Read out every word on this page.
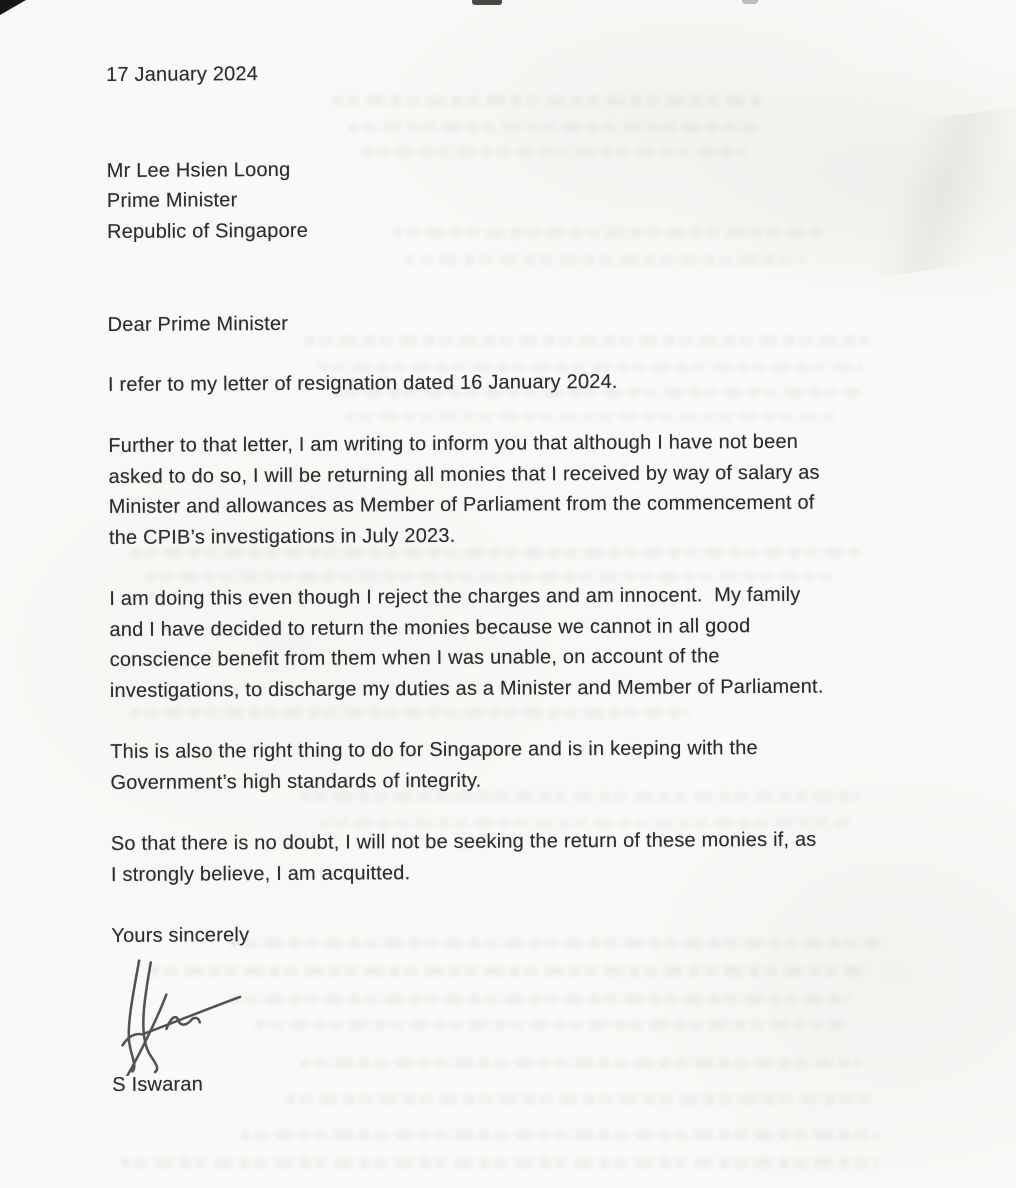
17 January 2024
Mr Lee Hsien Loong
Prime Minister
Republic of Singapore
Dear Prime Minister
I refer to my letter of resignation dated 16 January 2024.
Further to that letter, I am writing to inform you that although I have not been
asked to do so, I will be returning all monies that I received by way of salary as
Minister and allowances as Member of Parliament from the commencement of
the CPIB’s investigations in July 2023.
I am doing this even though I reject the charges and am innocent.  My family
and I have decided to return the monies because we cannot in all good
conscience benefit from them when I was unable, on account of the
investigations, to discharge my duties as a Minister and Member of Parliament.
This is also the right thing to do for Singapore and is in keeping with the
Government’s high standards of integrity.
So that there is no doubt, I will not be seeking the return of these monies if, as
I strongly believe, I am acquitted.
Yours sincerely
S Iswaran
